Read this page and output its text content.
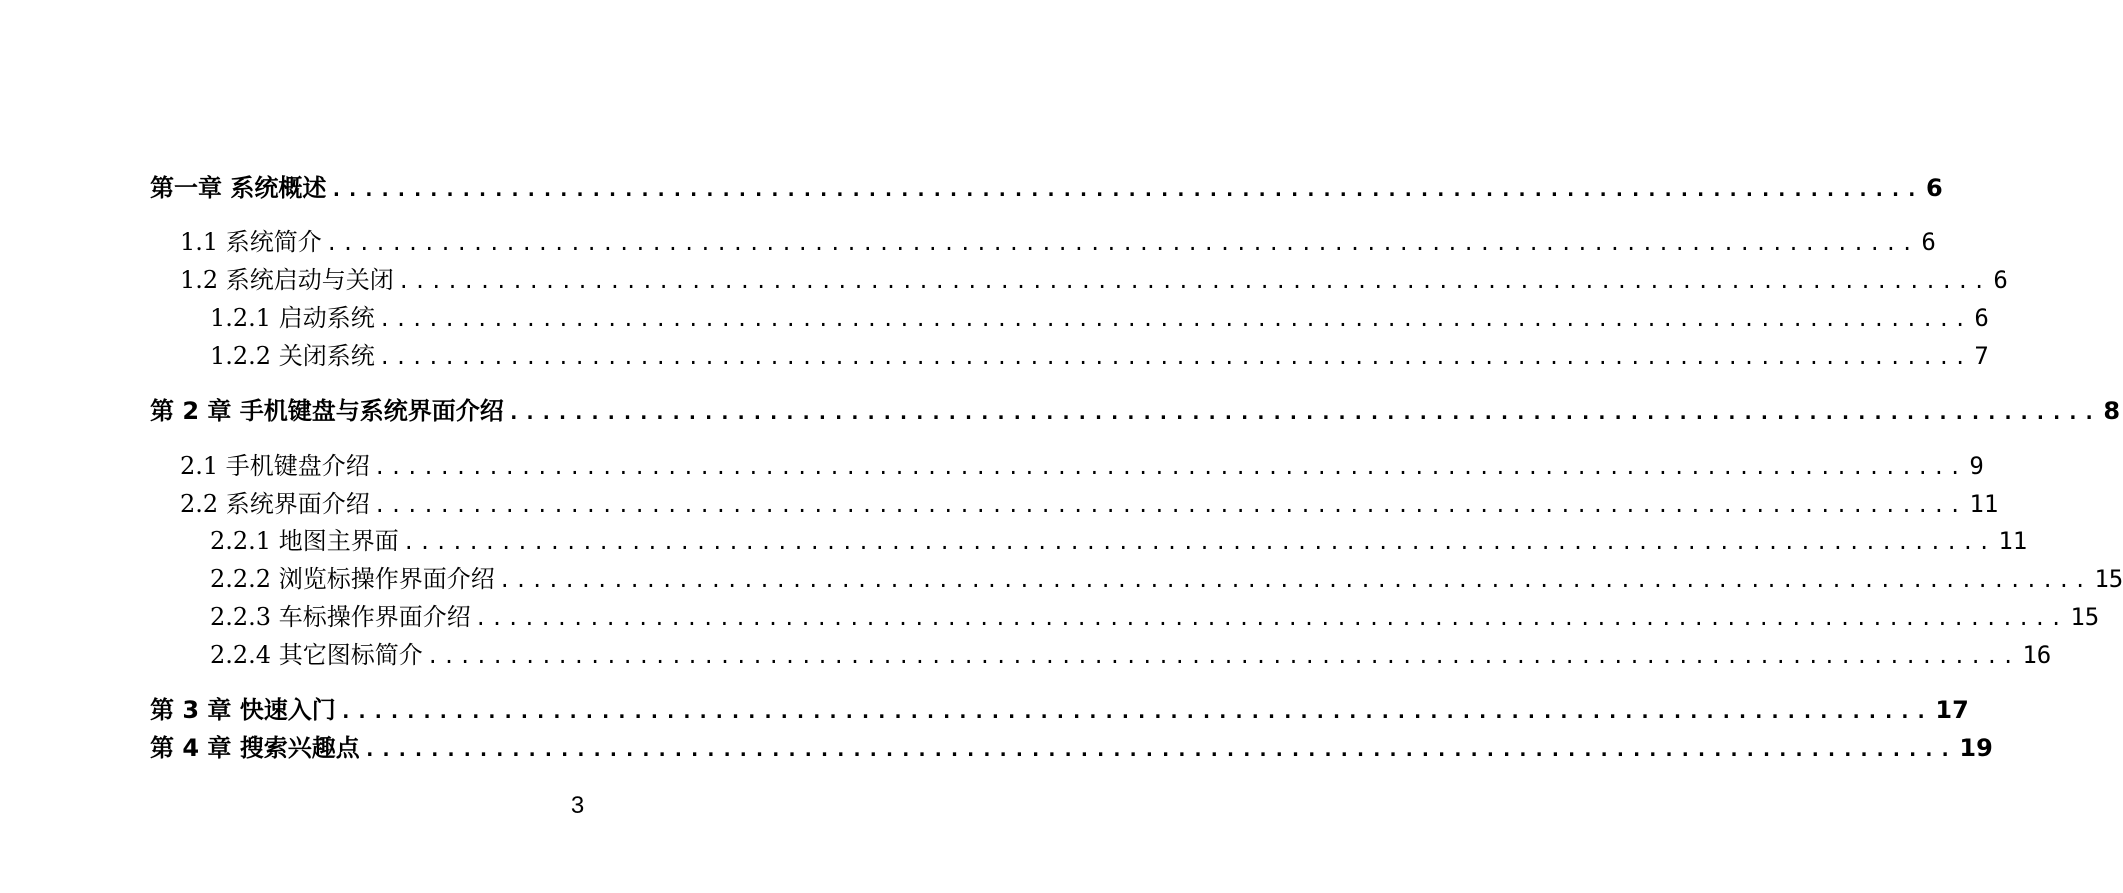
第一章 系统概述 .................................................................................................. 6
1.1 系统简介 .................................................................................................. 6
1.2 系统启动与关闭 .................................................................................................. 6
1.2.1 启动系统 .................................................................................................. 6
1.2.2 关闭系统 .................................................................................................. 7
第 2 章 手机键盘与系统界面介绍 .................................................................................................. 8
2.1 手机键盘介绍 .................................................................................................. 9
2.2 系统界面介绍 .................................................................................................. 11
2.2.1 地图主界面 .................................................................................................. 11
2.2.2 浏览标操作界面介绍 .................................................................................................. 15
2.2.3 车标操作界面介绍 .................................................................................................. 15
2.2.4 其它图标简介 .................................................................................................. 16
第 3 章 快速入门 .................................................................................................. 17
第 4 章 搜索兴趣点 .................................................................................................. 19
3
